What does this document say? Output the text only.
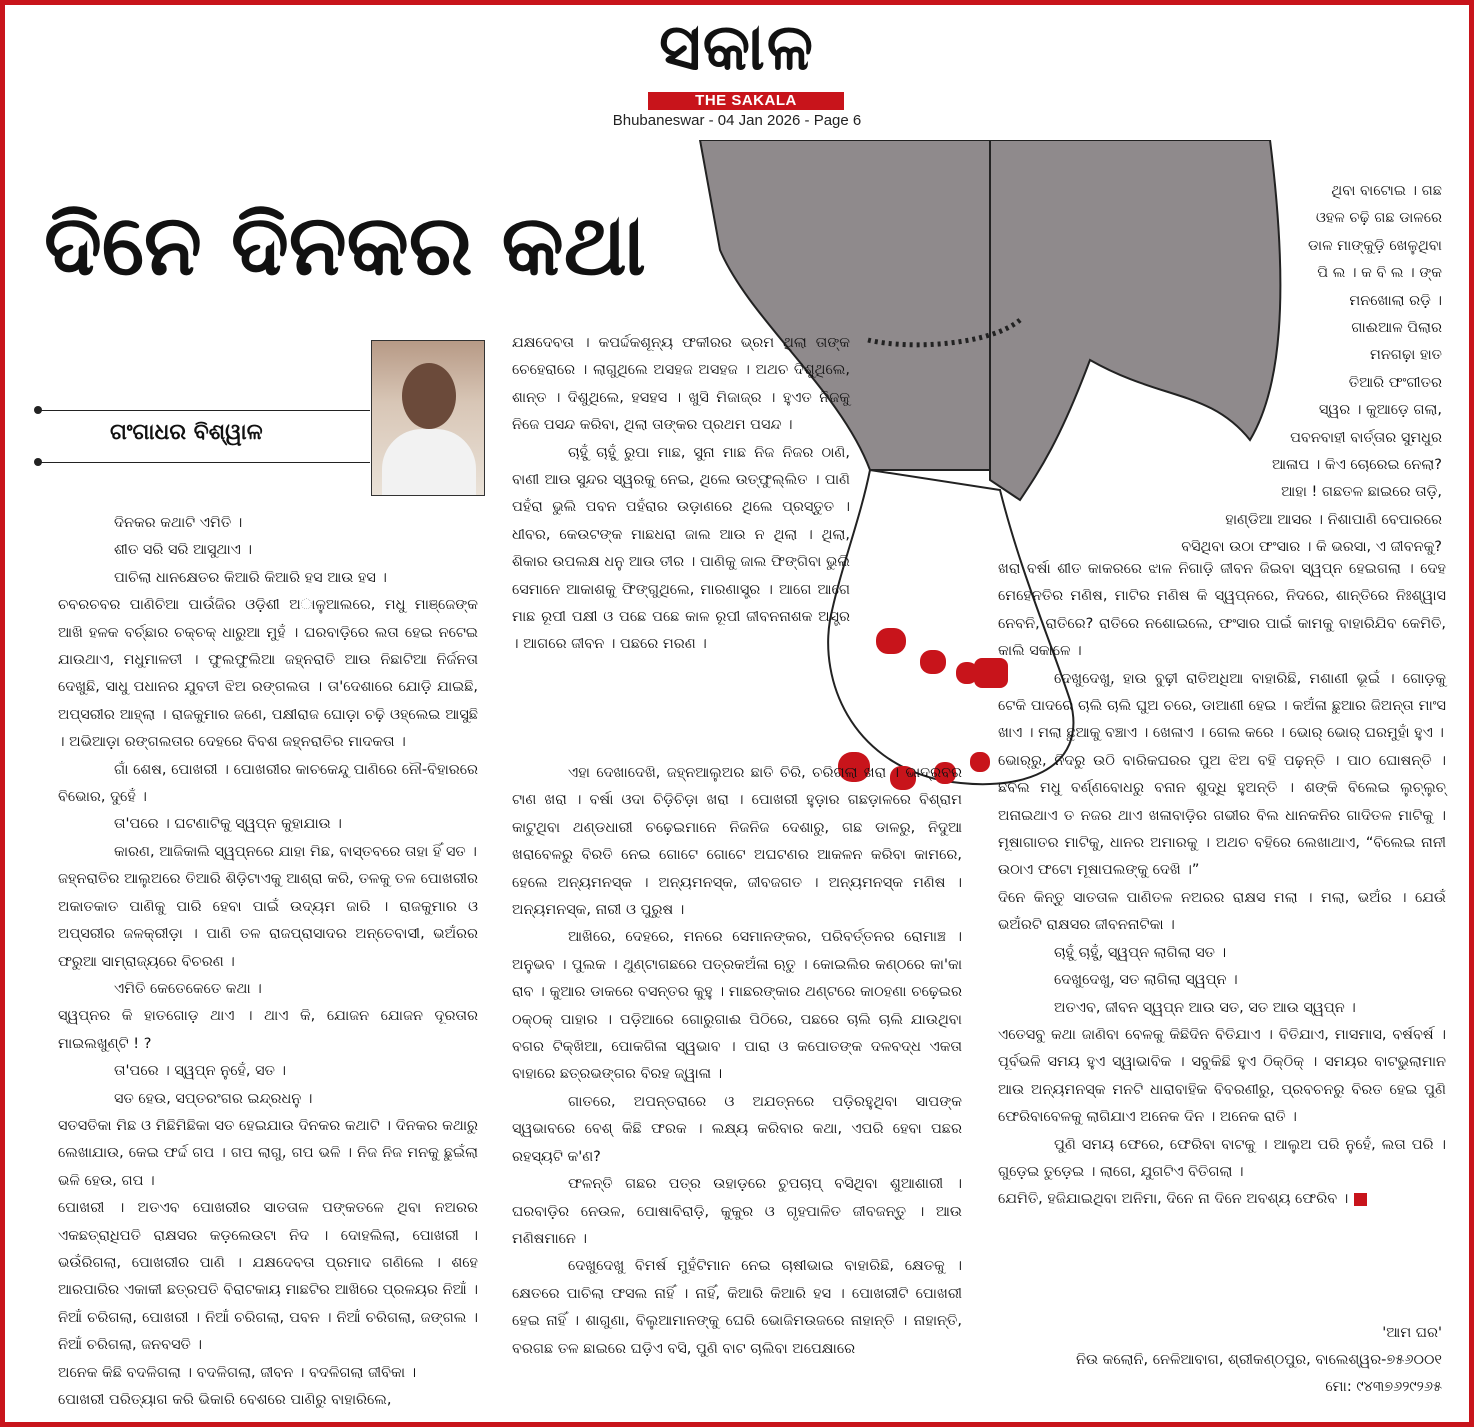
ସକାଳ
THE SAKALA
Bhubaneswar - 04 Jan 2026 - Page 6
ଦିନେ ଦିନକର କଥା
ଗଂଗାଧର ବିଶ୍ୱାଳ

ଦିନକର କଥାଟି ଏମିତି ।

ଶୀତ ସରି ସରି ଆସୁଥାଏ ।

ପାଚିଲା ଧାନକ୍ଷେତର କିଆରି କିଆରି ହସ ଆଉ ହସ ।

ଚବରଚବର ପାଣିଚିଆ ପାଉଁଜିର ଓଡ଼ିଶୀ ଅାଳୁଆଲରେ, ମଧୁ ମାଞ୍ଜେଙ୍କ ଆଖି ହଳକ ବର୍ଚ୍ଛାର ଚକ୍‌ଚକ୍ ଧାରୁଆ ମୁହଁ । ଘରବାଡ଼ିରେ ଲତା ହେଇ ନଟେଇ ଯାଉଥାଏ, ମଧୁମାଳତୀ । ଫୁଲଫୁଲିଆ ଜହ୍ନରାତି ଆଉ ନିଛାଟିଆ ନିର୍ଜନତା ଦେଖୁଛି, ସାଧୁ ପଧାନର ଯୁବତୀ ଝିଅ ରଙ୍ଗଲତା । ତା'ଦେଶାରେ ଯୋଡ଼ି ଯାଇଛି, ଅପ୍‌ସରୀର ଆହ୍ଲା । ରାଜକୁମାର ଜଣେ, ପକ୍ଷୀରାଜ ଘୋଡ଼ା ଚଢ଼ି ଓହ୍ଲେଇ ଆସୁଛି । ଅଭିଆଡ଼ା ରଙ୍ଗଲତାର ଦେହରେ ବିବଶ ଜହ୍ନରାତିର ମାଦକତା ।

ଗାଁ ଶେଷ, ପୋଖରୀ । ପୋଖରୀର କାଚକେନ୍ଦୁ ପାଣିରେ ନୌ-ବିହାରରେ ବିଭୋର, ଦୁହେଁ ।

ତା'ପରେ । ଘଟଣାଟିକୁ ସ୍ୱପ୍ନ କୁହାଯାଉ ।

କାରଣ, ଆଜିକାଲି ସ୍ୱପ୍ନରେ ଯାହା ମିଛ, ବାସ୍ତବରେ ତାହା ହିଁ ସତ ।

ଜହ୍ନରାତିର ଆଲୁଅରେ ତିଆରି ଶିଡ଼ିଟାଏକୁ ଆଶ୍ରା କରି, ତଳକୁ ତଳ ପୋଖରୀର ଅକାତକାତ ପାଣିକୁ ପାରି ହେବା ପାଇଁ ଉଦ୍ୟମ ଜାରି । ରାଜକୁମାର ଓ ଅପ୍‌ସରୀର ଜଳକ୍ରୀଡ଼ା । ପାଣି ତଳ ରାଜପ୍ରାସାଦର ଅନ୍ତେବାସୀ, ଭଅଁରର ଫରୁଆ ସାମ୍ରାଜ୍ୟରେ ବିଚରଣ ।

ଏମିତି କେତେକେତେ କଥା ।

ସ୍ୱପ୍ନର କି ହାତଗୋଡ଼ ଥାଏ । ଥାଏ କି, ଯୋଜନ ଯୋଜନ ଦୂରତାର ମାଇଲଖୁଣ୍ଟି ! ?

ତା'ପରେ । ସ୍ୱପ୍ନ ନୁହେଁ, ସତ ।

ସତ ହେଉ, ସପ୍ତରଂଗର ଇନ୍ଦ୍ରଧନୁ ।

ସତସତିକା ମିଛ ଓ ମିଛିମିଛିକା ସତ ହେଇଯାଉ ଦିନକର କଥାଟି । ଦିନକର କଥାରୁ ଲେଖାଯାଉ, କେଇ ଫର୍ଦ୍ଦ ଗପ । ଗପ ଲାଗୁ, ଗପ ଭଳି । ନିଜ ନିଜ ମନକୁ ଛୁଇଁଲା ଭଳି ହେଉ, ଗପ ।

ପୋଖରୀ । ଅତଏବ ପୋଖରୀର ସାତତାଳ ପଙ୍କତଳେ ଥିବା ନଅରର ଏକଛତ୍ରାଧିପତି ରାକ୍ଷସର କଡ଼ଲେଉଟା ନିଦ । ଦୋହଲିଲା, ପୋଖରୀ । ଭଉଁରିଗଲା, ପୋଖରୀର ପାଣି । ଯକ୍ଷଦେବତା ପ୍ରମାଦ ଗଣିଲେ । ଶହେ ଆରପାରିର ଏକାକୀ ଛତ୍ରପତି ବିରାଟକାୟ ମାଛଟିର ଆଖିରେ ପ୍ରଳୟର ନିଆଁ । ନିଆଁ ଚରିଗଲା, ପୋଖରୀ । ନିଆଁ ଚରିଗଲା, ପବନ । ନିଆଁ ଚରିଗଲା, ଜଙ୍ଗଲ । ନିଆଁ ଚରିଗଲା, ଜନବସତି ।

ଅନେକ କିଛି ବଦଳିଗଲା । ବଦଳିଗଲା, ଜୀବନ । ବଦଳିଗଲା ଜୀବିକା ।

ପୋଖରୀ ପରିତ୍ୟାଗ କରି ଭିକାରି ବେଶରେ ପାଣିରୁ ବାହାରିଲେ,

ଯକ୍ଷଦେବତା । କପର୍ଦ୍ଦକଶୂନ୍ୟ ଫକୀରର ଭ୍ରମ ଥିଲା ତାଙ୍କ ଚେହେରାରେ । ଲାଗୁଥିଲେ ଅସହଜ ଅସହଜ । ଅଥଚ ଦିଶୁଥିଲେ, ଶାନ୍ତ । ଦିଶୁଥିଲେ, ହସହସ । ଖୁସି ମିଜାଜ୍‌ର । ହୁଏତ ନିଜକୁ ନିଜେ ପସନ୍ଦ କରିବା, ଥିଲା ତାଙ୍କର ପ୍ରଥମ ପସନ୍ଦ ।

ଚାହୁଁ ଚାହୁଁ ରୁପା ମାଛ, ସୁନା ମାଛ ନିଜ ନିଜର ଠାଣି, ବାଣୀ ଆଉ ସୁନ୍ଦର ସ୍ୱରକୁ ନେଇ, ଥିଲେ ଉତ୍‌ଫୁଲ୍ଲିତ । ପାଣି ପହଁରା ଭୁଲି ପବନ ପହଁରାର ଉଡ଼ାଣରେ ଥିଲେ ପ୍ରସ୍ତୁତ । ଧୀବର, କେଉଟଙ୍କ ମାଛଧରା ଜାଲ ଆଉ ନ ଥିଲା । ଥିଲା, ଶିକାର ଉପଲକ୍ଷ ଧନୁ ଆଉ ତୀର । ପାଣିକୁ ଜାଲ ଫିଙ୍ଗିବା ଭୁଲି ସେମାନେ ଆକାଶକୁ ଫିଙ୍ଗୁଥିଲେ, ମାରଣାସ୍ତ୍ର । ଆଗେ ଆଗେ ମାଛ ରୂପୀ ପକ୍ଷୀ ଓ ପଛେ ପଛେ କାଳ ରୂପୀ ଜୀବନନାଶକ ଅସ୍ତ୍ର । ଆଗରେ ଜୀବନ । ପଛରେ ମରଣ ।

ଏହା ଦେଖାଦେଖି, ଜହ୍ନଆଲୁଅର ଛାତି ଚିରି, ଚରିଗଲା ଖରା । ଭାଦ୍ରବର ଟାଣ ଖରା । ବର୍ଷା ଓଦା ଚିଡ଼ିଚିଡ଼ା ଖରା । ପୋଖରୀ ହୁଡ଼ାର ଗଛଡ଼ାଳରେ ବିଶ୍ରାମ କାଟୁଥିବା ଥଣ୍ଡଧାରୀ ଚଢ଼େଇମାନେ ନିଜନିଜ ଦେଶାରୁ, ଗଛ ଡାଳରୁ, ନିଦୁଆ ଖରାବେଳରୁ ବିରତି ନେଇ ଗୋଟେ ଗୋଟେ ଅଘଟଣର ଆକଳନ କରିବା କାମରେ, ହେଲେ ଅନ୍ୟମନସ୍କ । ଅନ୍ୟମନସ୍କ, ଜୀବଜଗତ । ଅନ୍ୟମନସ୍କ ମଣିଷ । ଅନ୍ୟମନସ୍କ, ନାରୀ ଓ ପୁରୁଷ ।

ଆଖିରେ, ଦେହରେ, ମନରେ ସେମାନଙ୍କର, ପରିବର୍ତ୍ତନର ରୋମାଞ୍ଚ । ଅନୁଭବ । ପୁଲକ । ଥୁଣ୍ଟାଗଛରେ ପତ୍ରକଅଁଳା ଋତୁ । କୋଇଲିର କଣ୍ଠରେ କା'କା ରାବ । କୁଆର ଡାକରେ ବସନ୍ତର କୁହୁ । ମାଛରଙ୍କାର ଥଣ୍ଟରେ କାଠହଣା ଚଢ଼େଇର ଠକ୍‌ଠକ୍ ପାହାର । ପଡ଼ିଆରେ ଗୋରୁଗାଈ ପିଠିରେ, ପଛରେ ଚାଲି ଚାଲି ଯାଉଥିବା ବଗର ଟିକ୍‌ଖିଆ, ପୋକଗିଳା ସ୍ୱଭାବ । ପାରା ଓ କପୋତଙ୍କ ଦଳବଦ୍ଧ ଏକତା ବାହାରେ ଛତ୍ରଭଙ୍ଗର ବିରହ ଜ୍ୱାଳା ।

ଗାତରେ, ଅପନ୍ତରାରେ ଓ ଅଯତ୍ନରେ ପଡ଼ିରହୁଥିବା ସାପଙ୍କ ସ୍ୱଭାବରେ ବେଶ୍ କିଛି ଫରକ । ଲକ୍ଷ୍ୟ କରିବାର କଥା, ଏପରି ହେବା ପଛର ରହସ୍ୟଟି କ'ଣ?

ଫଳନ୍ତି ଗଛର ପତ୍ର ଉହାଡ଼ରେ ଚୁପଚାପ୍ ବସିଥିବା ଶୁଆଶାରୀ । ଘରବାଡ଼ିର ନେଉଳ, ପୋଷାବିରାଡ଼ି, କୁକୁର ଓ ଗୃହପାଳିତ ଜୀବଜନ୍ତୁ । ଆଉ ମଣିଷମାନେ ।

ଦେଖୁଦେଖୁ ବିମର୍ଷ ମୁହଁଟିମାନ ନେଇ ଚାଷୀଭାଇ ବାହାରିଛି, କ୍ଷେତକୁ । କ୍ଷେତରେ ପାଚିଲା ଫସଲ ନାହିଁ । ନାହିଁ, କିଆରି କିଆରି ହସ । ପୋଖରୀଟି ପୋଖରୀ ହେଇ ନାହିଁ । ଶାଗୁଣା, ବିଲୁଆମାନଙ୍କୁ ଘେରି ଭୋଜିମଉଜରେ ନାହାନ୍ତି । ନାହାନ୍ତି, ବରଗଛ ତଳ ଛାଇରେ ଘଡ଼ିଏ ବସି, ପୁଣି ବାଟ ଚାଲିବା ଅପେକ୍ଷାରେ

ଥିବା ବାଟୋଇ । ଗଛ
ଓହଳ ଚଢ଼ି ଗଛ ଡାଳରେ
ଡାଳ ମାଙ୍କୁଡ଼ି ଖେଳୁଥିବା
ପି ଲ । କ ବି ଲ । ଙ୍କ
ମନଖୋଲା ରଡ଼ି ।
ଗାଈଆଳ ପିଲାର
ମନଗଢ଼ା ହାତ
ତିଆରି ଫଂଗୀତର
ସ୍ୱର । କୁଆଡ଼େ ଗଲା,
ପବନବାହୀ ବାର୍ତ୍ତାର ସୁମଧୁର
ଆଳାପ । କିଏ ଚୋରେଇ ନେଲା?
ଆହା ! ଗଛତଳ ଛାଇରେ ତାଡ଼ି,
ହାଣ୍ଡିଆ ଆସର । ନିଶାପାଣି ବେପାରରେ
ବସିଥିବା ଉଠା ଫଂସାର । କି ଭରସା, ଏ ଜୀବନକୁ?

ଖରା ବର୍ଷା ଶୀତ କାକରରେ ଝାଳ ନିଗାଡ଼ି ଜୀବନ ଜିଇବା ସ୍ୱପ୍ନ ହେଇଗଲା । ଦେହ ମେହେନତିର ମଣିଷ, ମାଟିର ମଣିଷ କି ସ୍ୱପ୍ନରେ, ନିଦରେ, ଶାନ୍ତିରେ ନିଃଶ୍ୱାସ ନେବନି, ରାତିରେ? ରାତିରେ ନଶୋଇଲେ, ଫଂସାର ପାଇଁ କାମକୁ ବାହାରିଯିବ କେମିତି, କାଲି ସକାଳେ ।

ଦେଖୁଦେଖୁ, ହାଉ ବୁଢ଼ୀ ରାତିଅଧିଆ ବାହାରିଛି, ମଶାଣୀ ଭୂଇଁ । ଗୋଡ଼କୁ ଟେକି ପାଦରେ ଚାଲି ଚାଲି ଘୁଅ ଚରେ, ଡାଆଣୀ ହେଇ । କଅଁଳା ଛୁଆର ଜିଅନ୍ତା ମାଂସ ଖାଏ । ମଲା ଛୁଆକୁ ବଞ୍ଚାଏ । ଖେଳାଏ । ଗେଲ କରେ । ଭୋର୍ ଭୋର୍ ଘରମୁହାଁ ହୁଏ ।

ଭୋର୍‌ରୁ, ନିଦରୁ ଉଠି ବାରିକଘରର ପୁଅ ଝିଅ ବହି ପଢ଼ନ୍ତି । ପାଠ ଘୋଷନ୍ତି । ଛବିଲ ମଧୁ ବର୍ଣ୍ଣବୋଧରୁ ବନାନ ଶୁଦ୍ଧି ହୁଅନ୍ତି । ଶଙ୍କି ବିଲେଇ ଲୁଚ୍‌ଲୁଚ୍ ଅନାଇଥାଏ ତ ନଜର ଥାଏ ଖଳାବାଡ଼ିର ଗଭୀର ବିଲ ଧାନକନିର ଗାଦିତଳ ମାଟିକୁ । ମୂଷାଗାତର ମାଟିକୁ, ଧାନର ଅମାରକୁ । ଅଥଚ ବହିରେ ଲେଖାଥାଏ, “ବିଲେଇ ନାନୀ ଉଠାଏ ଫଟୋ ମୂଷାପଲଙ୍କୁ ଦେଖି ।”

ଦିନେ କିନ୍ତୁ ସାତତାଳ ପାଣିତଳ ନଅରର ରାକ୍ଷସ ମଲା । ମଲା, ଭଅଁର । ଯେଉଁ ଭଅଁରଟି ରାକ୍ଷସର ଜୀବନନାଟିକା ।

ଚାହୁଁ ଚାହୁଁ, ସ୍ୱପ୍ନ ଲାଗିଲା ସତ ।

ଦେଖୁଦେଖୁ, ସତ ଲାଗିଲା ସ୍ୱପ୍ନ ।

ଅତଏବ, ଜୀବନ ସ୍ୱପ୍ନ ଆଉ ସତ, ସତ ଆଉ ସ୍ୱପ୍ନ ।

ଏତେସବୁ କଥା ଜାଣିବା ବେଳକୁ କିଛିଦିନ ବିତିଯାଏ । ବିତିଯାଏ, ମାସମାସ, ବର୍ଷବର୍ଷ । ପୂର୍ବଭଳି ସମୟ ହୁଏ ସ୍ୱାଭାବିକ । ସବୁକିଛି ହୁଏ ଠିକ୍‌ଠିକ୍ । ସମୟର ବାଟଭୁଲାମାନ ଆଉ ଅନ୍ୟମନସ୍କ ମନଟି ଧାରାବାହିକ ବିବରଣୀରୁ, ପ୍ରବଚନରୁ ବିରତ ହେଇ ପୁଣି ଫେରିବାବେଳକୁ ଲାଗିଯାଏ ଅନେକ ଦିନ । ଅନେକ ରାତି ।

ପୁଣି ସମୟ ଫେରେ, ଫେରିବା ବାଟକୁ । ଆଲୁଅ ପରି ନୁହେଁ, ଲତା ପରି । ଗୁଡ଼େଇ ତୁଡ଼େଇ । ଲାଗେ, ଯୁଗଟିଏ ବିତିଗଲା ।

ଯେମିତି, ହଜିଯାଇଥିବା ଅନିମା, ଦିନେ ନା ଦିନେ ଅବଶ୍ୟ ଫେରିବ ।

'ଆମ ଘର'
ନିଉ କଲୋନି, ନେଳିଆବାଗ, ଶ୍ରୀକଣ୍ଠପୁର, ବାଲେଶ୍ୱର-୭୫୬୦୦୧
ମୋ: ୯୪୩୭୬୨୯୨୬୫
